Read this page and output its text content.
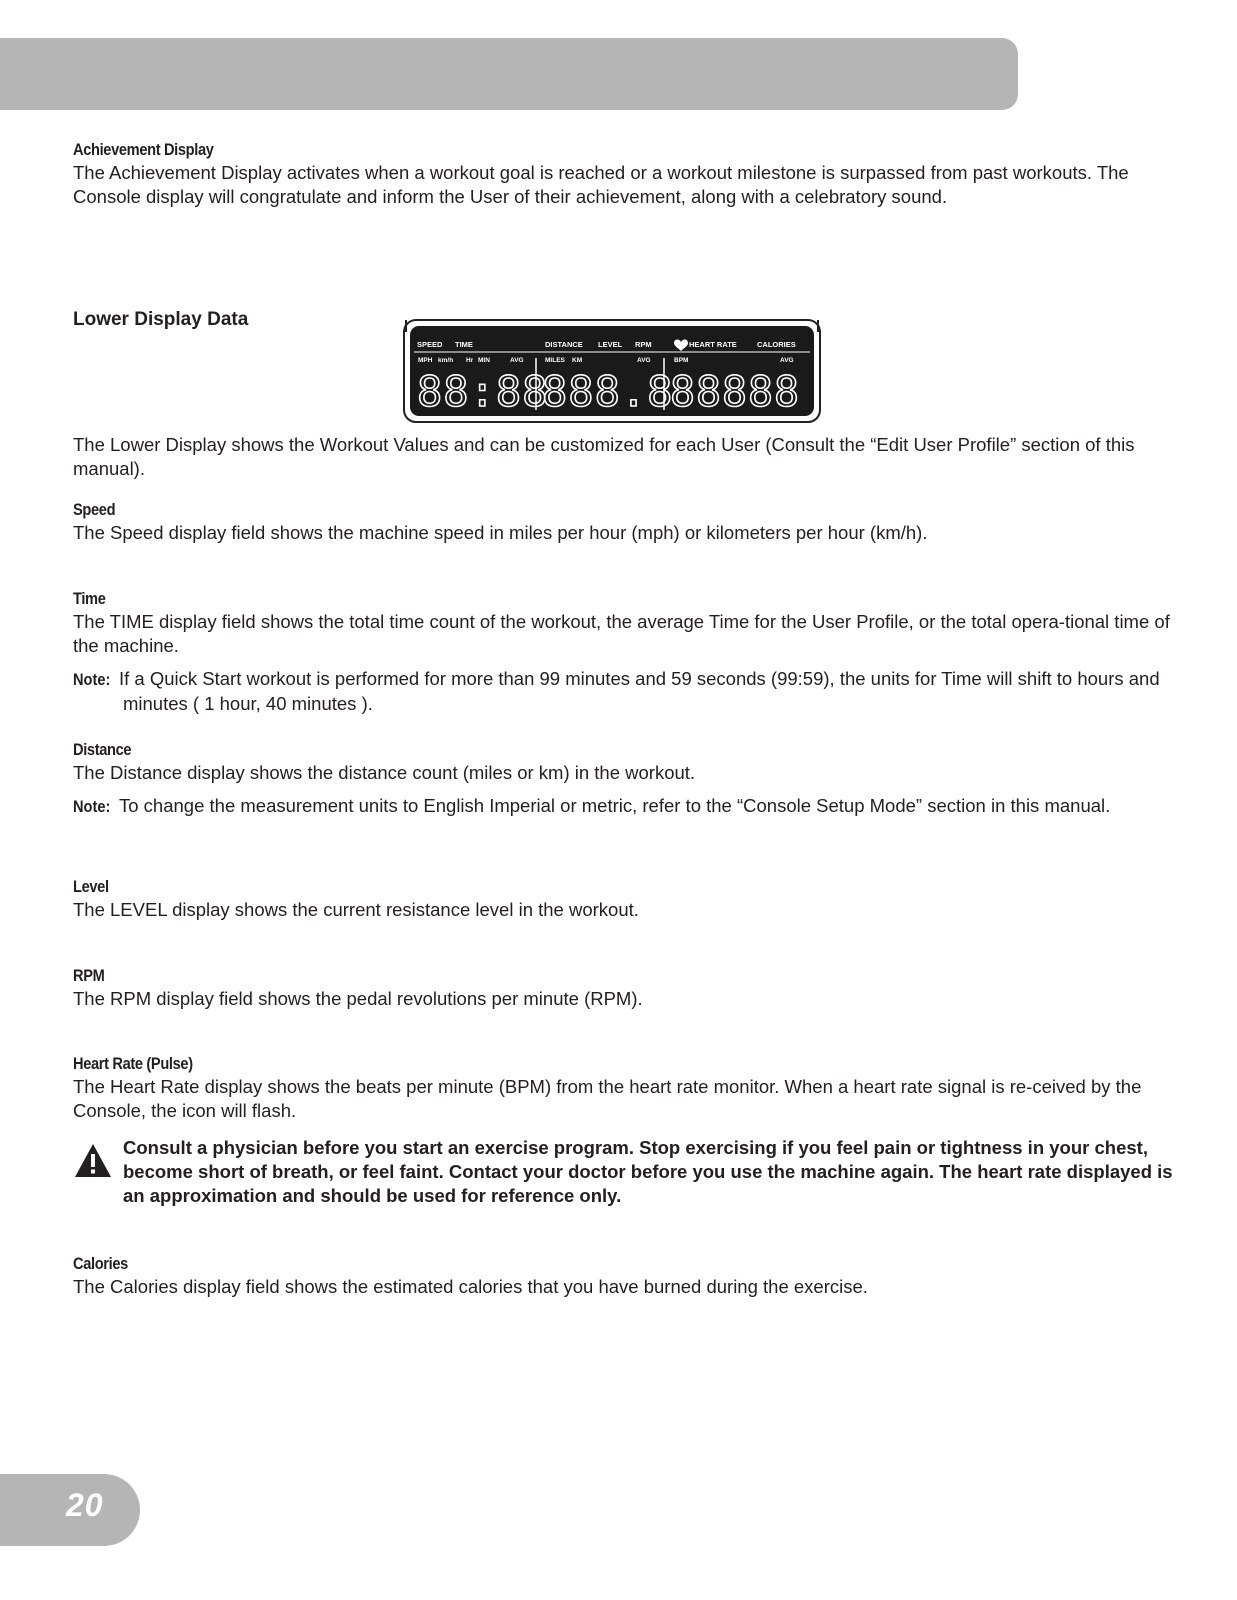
Achievement Display

The Achievement Display activates when a workout goal is reached or a workout milestone is surpassed from past workouts. The Console display will congratulate and inform the User of their achievement, along with a celebratory sound.

Lower Display Data
SPEED TIME	DISTANCE LEVEL RPM	HEART RATE	CALORIES
MPH km/h Hr MIN	AVG	MILES KM	AVG	BPM	AVG
88:88
888.8
88888

The Lower Display shows the Workout Values and can be customized for each User (Consult the “Edit User Profile” section of this manual).

Speed

The Speed display field shows the machine speed in miles per hour (mph) or kilometers per hour (km/h).

Time

The TIME display field shows the total time count of the workout, the average Time for the User Profile, or the total opera-tional time of the machine.

Note: If a Quick Start workout is performed for more than 99 minutes and 59 seconds (99:59), the units for Time will shift to hours and minutes ( 1 hour, 40 minutes ).

Distance

The Distance display shows the distance count (miles or km) in the workout.

Note: To change the measurement units to English Imperial or metric, refer to the “Console Setup Mode” section in this manual.

Level

The LEVEL display shows the current resistance level in the workout.

RPM

The RPM display field shows the pedal revolutions per minute (RPM).

Heart Rate (Pulse)

The Heart Rate display shows the beats per minute (BPM) from the heart rate monitor. When a heart rate signal is re-ceived by the Console, the icon will flash.

Consult a physician before you start an exercise program. Stop exercising if you feel pain or tightness in your chest, become short of breath, or feel faint. Contact your doctor before you use the machine again. The heart rate displayed is an approximation and should be used for reference only.

Calories

The Calories display field shows the estimated calories that you have burned during the exercise.

20
